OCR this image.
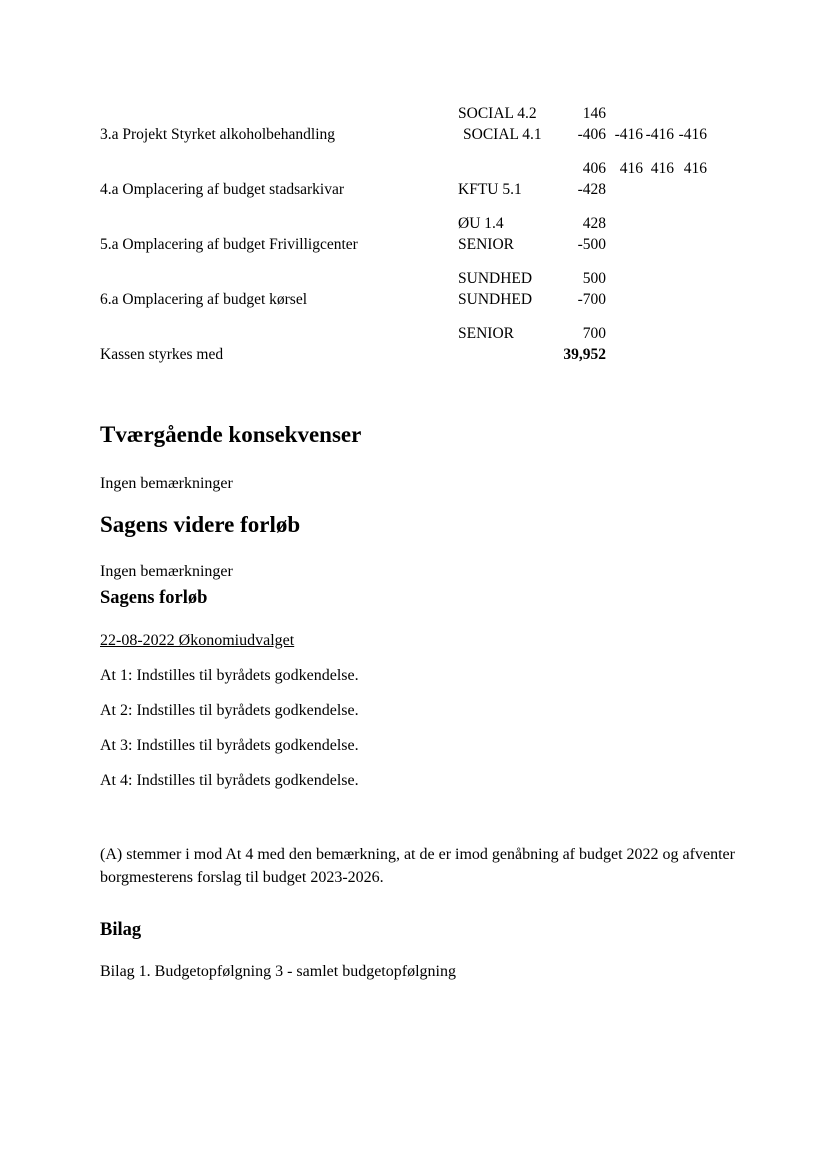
SOCIAL 4.2	146
3.a Projekt Styrket alkoholbehandling	SOCIAL 4.1	-406 -416 -416 -416
406 416 416 416
4.a Omplacering af budget stadsarkivar	KFTU 5.1	-428
ØU 1.4	428
5.a Omplacering af budget Frivilligcenter	SENIOR	-500
SUNDHED	500
6.a Omplacering af budget kørsel	SUNDHED	-700
SENIOR	700
Kassen styrkes med	39,952
Tværgående konsekvenser

Ingen bemærkninger

Sagens videre forløb

Ingen bemærkninger

Sagens forløb

22-08-2022 Økonomiudvalget

At 1: Indstilles til byrådets godkendelse.

At 2: Indstilles til byrådets godkendelse.

At 3: Indstilles til byrådets godkendelse.

At 4: Indstilles til byrådets godkendelse.

(A) stemmer i mod At 4 med den bemærkning, at de er imod genåbning af budget 2022 og afventer borgmesterens forslag til budget 2023-2026.

Bilag

Bilag 1. Budgetopfølgning 3 - samlet budgetopfølgning
